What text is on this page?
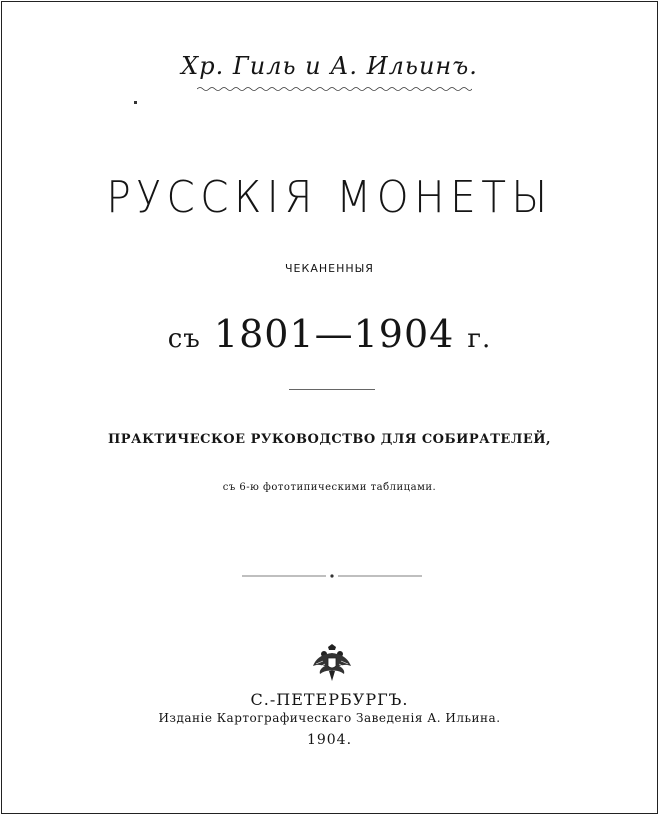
Хр. Гиль и А. Ильинъ.
РУССКІЯ МОНЕТЫ
ЧЕКАНЕННЫЯ
съ 1801—1904 г.
ПРАКТИЧЕСКОЕ РУКОВОДСТВО ДЛЯ СОБИРАТЕЛЕЙ,
съ 6-ю фототипическими таблицами.
С.-ПЕТЕРБУРГЪ.
Изданіе Картографическаго Заведенія А. Ильина.
1904.
